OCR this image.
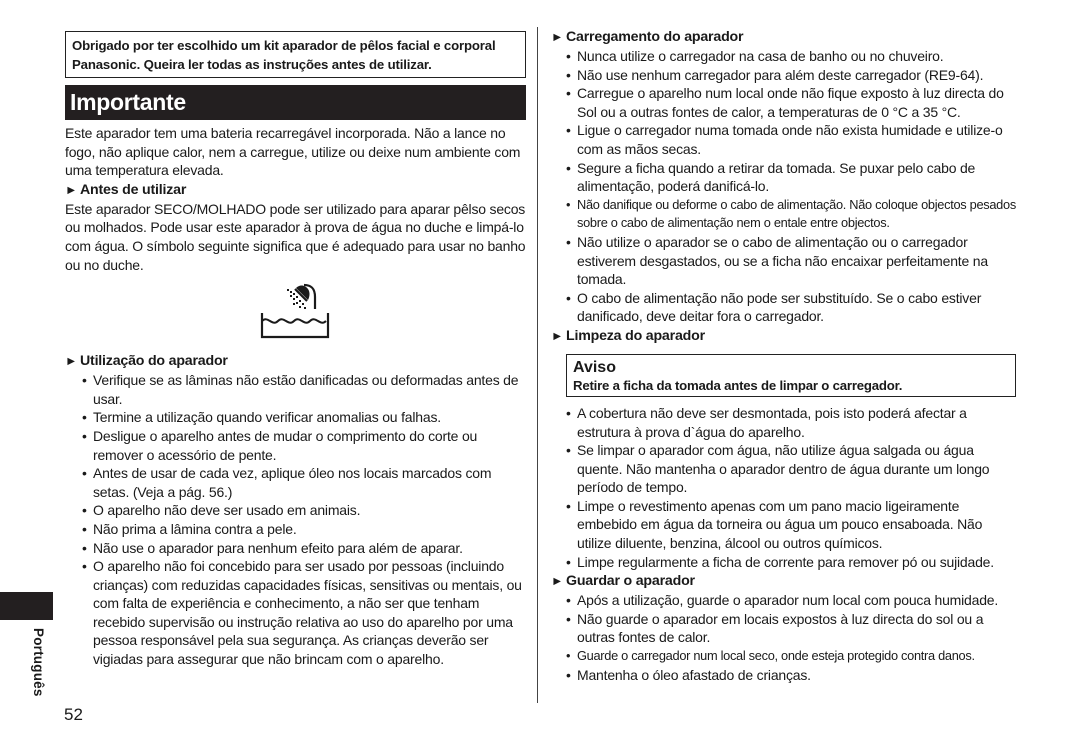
Obrigado por ter escolhido um kit aparador de pêlos facial e corporal Panasonic. Queira ler todas as instruções antes de utilizar.
Importante

Este aparador tem uma bateria recarregável incorporada. Não a lance no fogo, não aplique calor, nem a carregue, utilize ou deixe num ambiente com uma temperatura elevada.

► Antes de utilizar

Este aparador SECO/MOLHADO pode ser utilizado para aparar pêlso secos ou molhados. Pode usar este aparador à prova de água no duche e limpá-lo com água. O símbolo seguinte significa que é adequado para usar no banho ou no duche.

► Utilização do aparador
• Verifique se as lâminas não estão danificadas ou deformadas antes de usar.
• Termine a utilização quando verificar anomalias ou falhas.
• Desligue o aparelho antes de mudar o comprimento do corte ou remover o acessório de pente.
• Antes de usar de cada vez, aplique óleo nos locais marcados com setas. (Veja a pág. 56.)
• O aparelho não deve ser usado em animais.
• Não prima a lâmina contra a pele.
• Não use o aparador para nenhum efeito para além de aparar.
• O aparelho não foi concebido para ser usado por pessoas (incluindo crianças) com reduzidas capacidades físicas, sensitivas ou mentais, ou com falta de experiência e conhecimento, a não ser que tenham recebido supervisão ou instrução relativa ao uso do aparelho por uma pessoa responsável pela sua segurança. As crianças deverão ser vigiadas para assegurar que não brincam com o aparelho.
► Carregamento do aparador
• Nunca utilize o carregador na casa de banho ou no chuveiro.
• Não use nenhum carregador para além deste carregador (RE9-64).
• Carregue o aparelho num local onde não fique exposto à luz directa do Sol ou a outras fontes de calor, a temperaturas de 0 °C a 35 °C.
• Ligue o carregador numa tomada onde não exista humidade e utilize-o com as mãos secas.
• Segure a ficha quando a retirar da tomada. Se puxar pelo cabo de alimentação, poderá danificá-lo.
• Não danifique ou deforme o cabo de alimentação. Não coloque objectos pesados sobre o cabo de alimentação nem o entale entre objectos.
• Não utilize o aparador se o cabo de alimentação ou o carregador estiverem desgastados, ou se a ficha não encaixar perfeitamente na tomada.
• O cabo de alimentação não pode ser substituído. Se o cabo estiver danificado, deve deitar fora o carregador.
► Limpeza do aparador
Aviso
Retire a ficha da tomada antes de limpar o carregador.
• A cobertura não deve ser desmontada, pois isto poderá afectar a estrutura à prova d`água do aparelho.
• Se limpar o aparador com água, não utilize água salgada ou água quente. Não mantenha o aparador dentro de água durante um longo período de tempo.
• Limpe o revestimento apenas com um pano macio ligeiramente embebido em água da torneira ou água um pouco ensaboada. Não utilize diluente, benzina, álcool ou outros químicos.
• Limpe regularmente a ficha de corrente para remover pó ou sujidade.
► Guardar o aparador
• Após a utilização, guarde o aparador num local com pouca humidade.
• Não guarde o aparador em locais expostos à luz directa do sol ou a outras fontes de calor.
• Guarde o carregador num local seco, onde esteja protegido contra danos.
• Mantenha o óleo afastado de crianças.
Português
52
